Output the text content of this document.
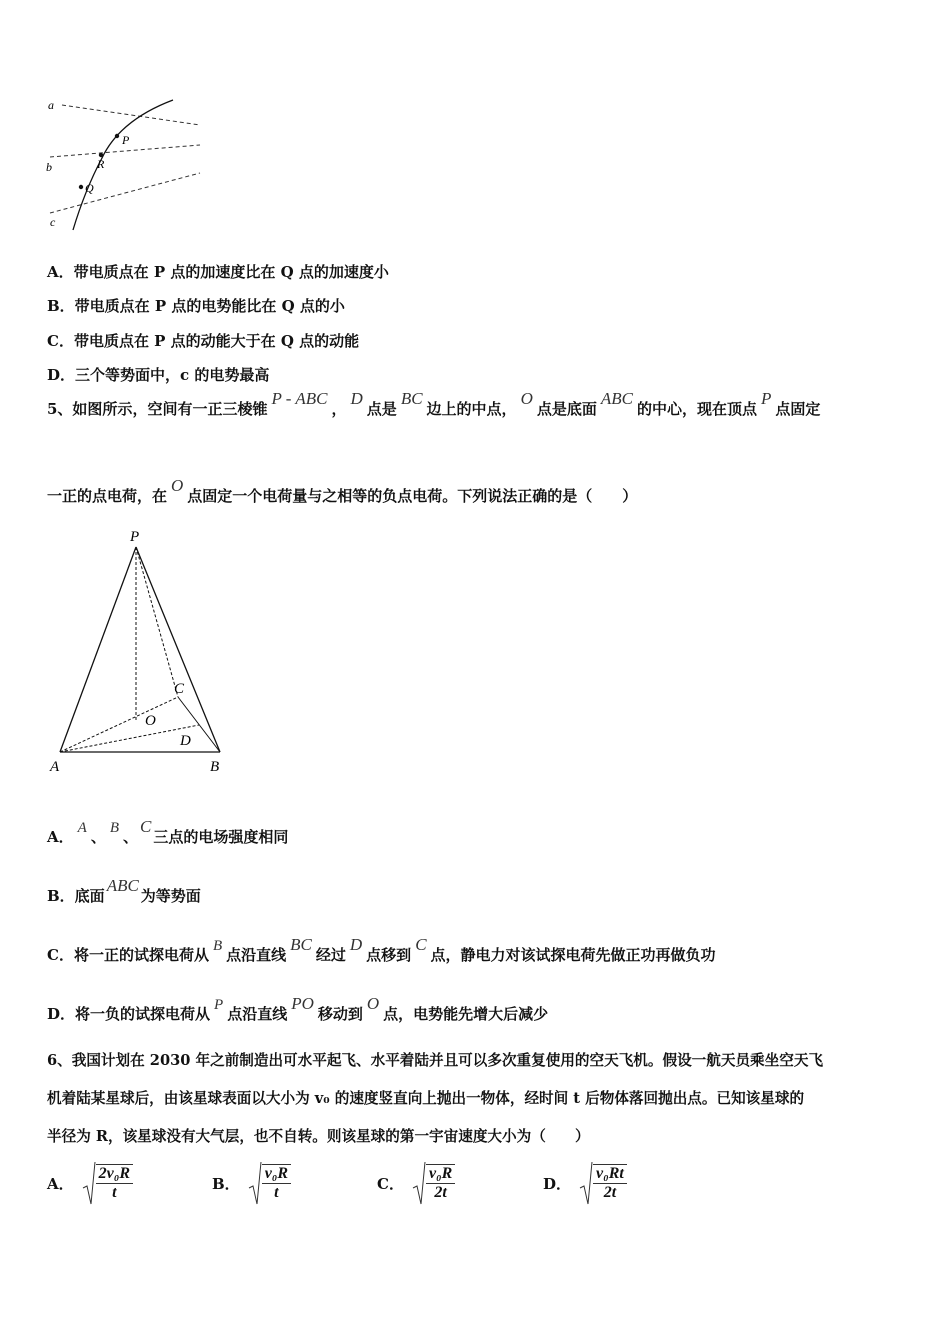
a
b
c
P
R
Q
A．带电质点在 P 点的加速度比在 Q 点的加速度小
B．带电质点在 P 点的电势能比在 Q 点的小
C．带电质点在 P 点的动能大于在 Q 点的动能
D．三个等势面中，c 的电势最高
5、如图所示，空间有一正三棱锥P - ABC，D点是BC边上的中点，O点是底面ABC的中心，现在顶点P点固定
一正的点电荷，在O点固定一个电荷量与之相等的负点电荷。下列说法正确的是（　　）
P
A	B
C
O
D
A． A 、 B 、C三点的电场强度相同
B．底面ABC为等势面
C．将一正的试探电荷从 B 点沿直线BC经过D点移到C点，静电力对该试探电荷先做正功再做负功
D．将一负的试探电荷从 P 点沿直线PO移动到O点，电势能先增大后减少
6、我国计划在 2030 年之前制造出可水平起飞、水平着陆并且可以多次重复使用的空天飞机。假设一航天员乘坐空天飞
机着陆某星球后，由该星球表面以大小为 v₀ 的速度竖直向上抛出一物体，经时间 t 后物体落回抛出点。已知该星球的
半径为 R，该星球没有大气层，也不自转。则该星球的第一宇宙速度大小为（　　）
A． $\frac{\text{2v₀R}}{t}$	B． $\frac{\text{v₀R}}{t}$	C． $\frac{\text{v₀R}}{2t}$	D． $\frac{\text{v₀Rt}}{2t}$
